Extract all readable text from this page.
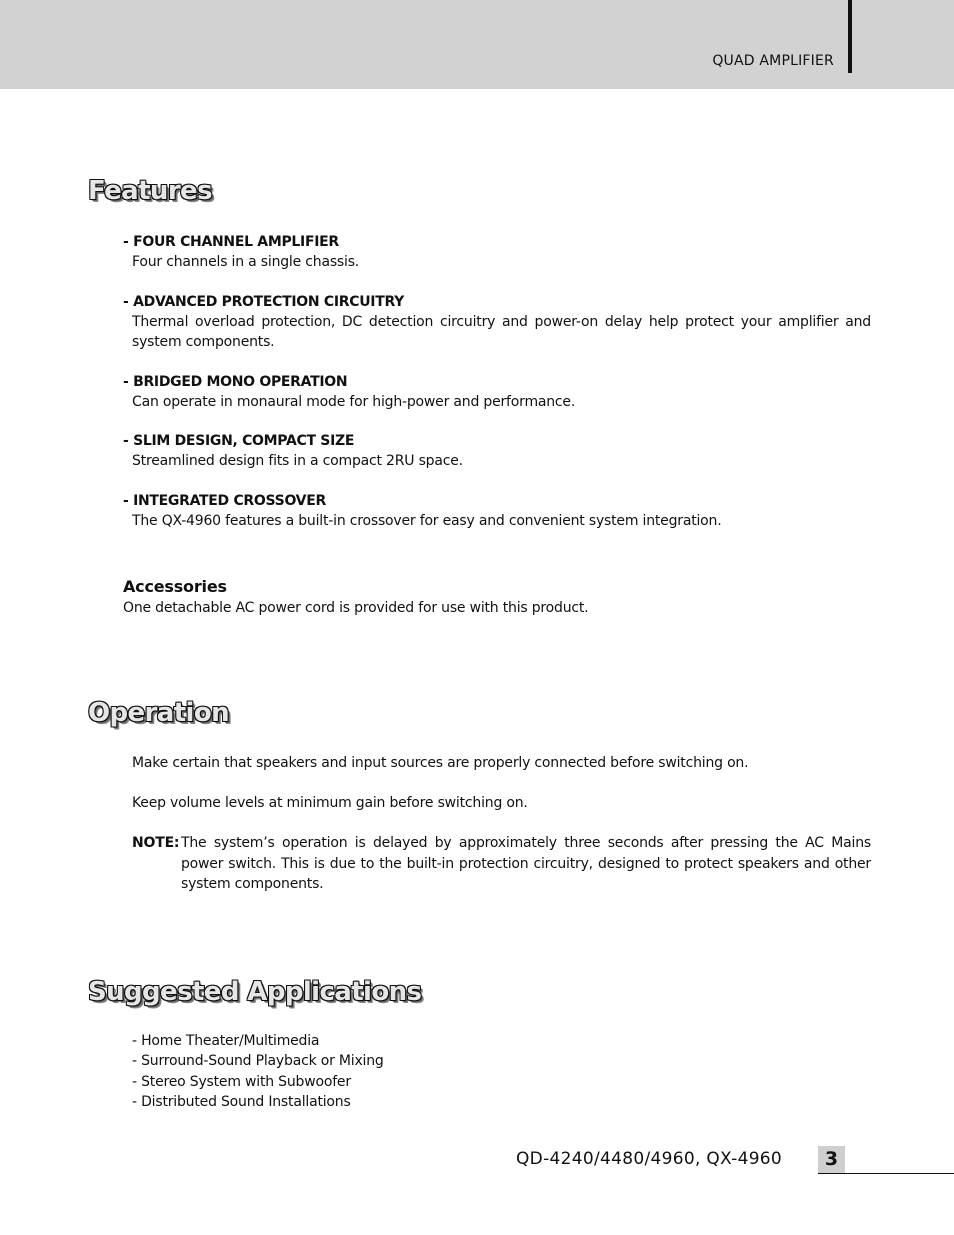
QUAD AMPLIFIER
Features
- FOUR CHANNEL AMPLIFIER
Four channels in a single chassis.
- ADVANCED PROTECTION CIRCUITRY
Thermal overload protection, DC detection circuitry and power-on delay help protect your amplifier and system components.
- BRIDGED MONO OPERATION
Can operate in monaural mode for high-power and performance.
- SLIM DESIGN, COMPACT SIZE
Streamlined design fits in a compact 2RU space.
- INTEGRATED CROSSOVER
The QX-4960 features a built-in crossover for easy and convenient system integration.
Accessories
One detachable AC power cord is provided for use with this product.
Operation
Make certain that speakers and input sources are properly connected before switching on.
Keep volume levels at minimum gain before switching on.
NOTE: The system’s operation is delayed by approximately three seconds after pressing the AC Mains power switch. This is due to the built-in protection circuitry, designed to protect speakers and other system components.
Suggested Applications
- Home Theater/Multimedia
- Surround-Sound Playback or Mixing
- Stereo System with Subwoofer
- Distributed Sound Installations
QD-4240/4480/4960, QX-4960	3
